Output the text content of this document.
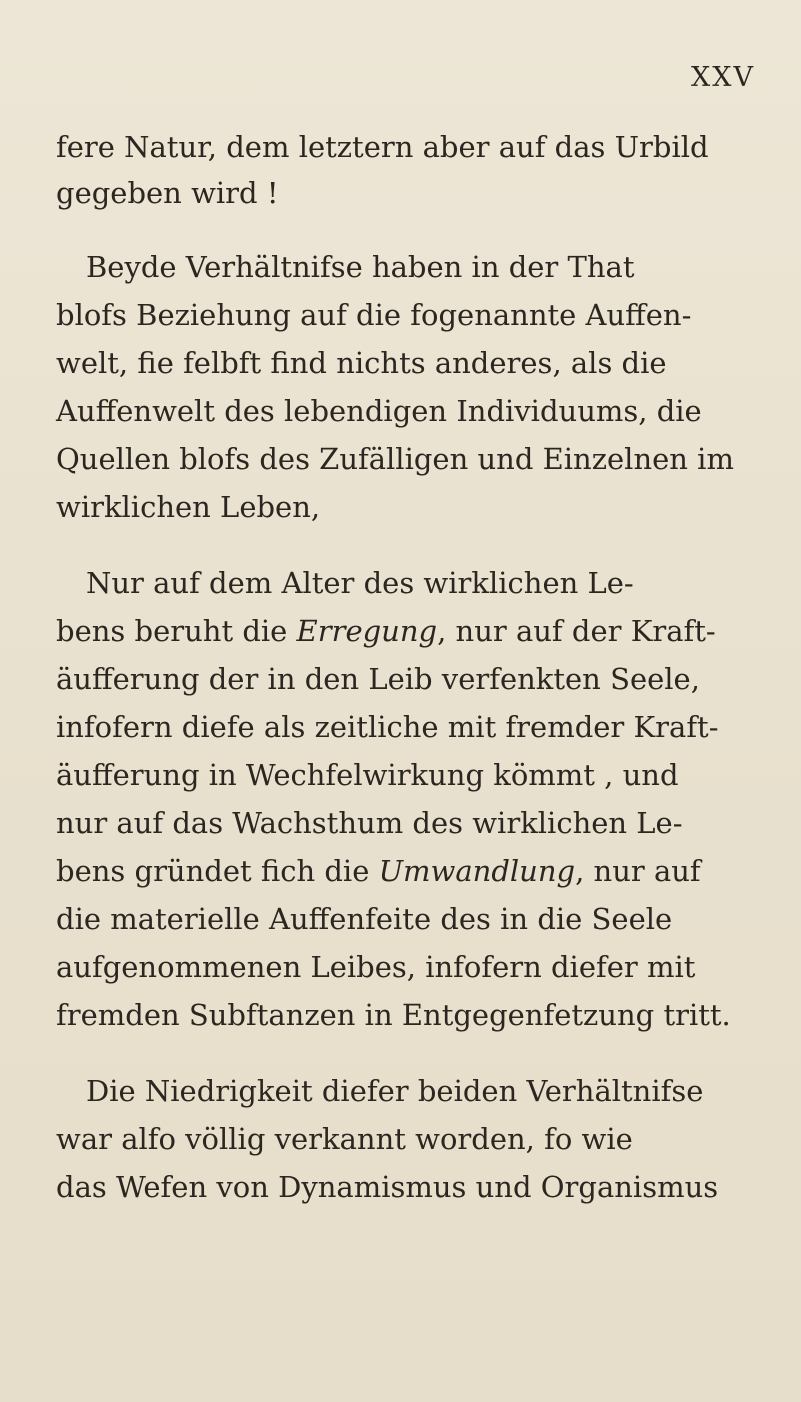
XXV
fere Natur, dem letztern aber auf das Urbild
gegeben wird !
Beyde Verhältnifse haben in der That
blofs Beziehung auf die fogenannte Auffen-
welt, fie felbft find nichts anderes, als die
Auffenwelt des lebendigen Individuums, die
Quellen blofs des Zufälligen und Einzelnen im
wirklichen Leben,
Nur auf dem Alter des wirklichen Le-
bens beruht die Erregung, nur auf der Kraft-
äufferung der in den Leib verfenkten Seele,
infofern diefe als zeitliche mit fremder Kraft-
äufferung in Wechfelwirkung kömmt , und
nur auf das Wachsthum des wirklichen Le-
bens gründet fich die Umwandlung, nur auf
die materielle Auffenfeite des in die Seele
aufgenommenen Leibes, infofern diefer mit
fremden Subftanzen in Entgegenfetzung tritt.
Die Niedrigkeit diefer beiden Verhältnifse
war alfo völlig verkannt worden, fo wie
das Wefen von Dynamismus und Organismus
